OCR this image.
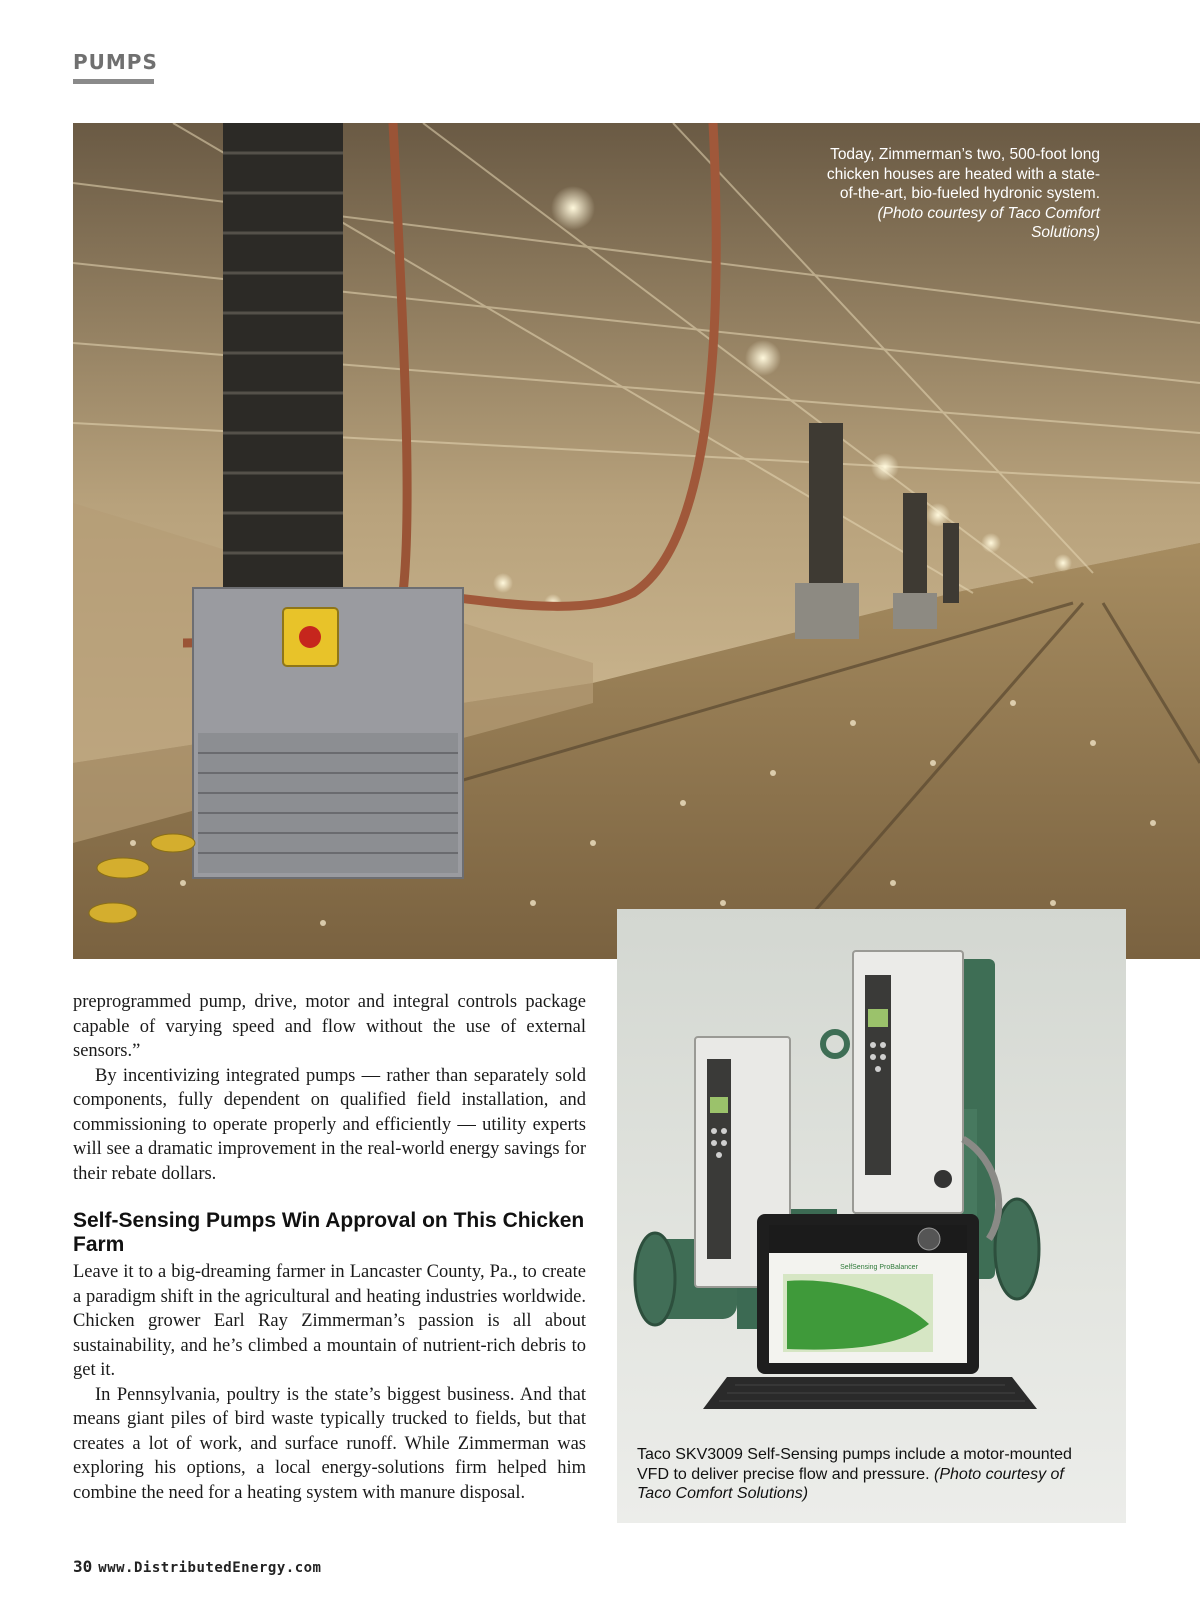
PUMPS
Today, Zimmerman’s two, 500-foot long chicken houses are heated with a state-of-the-art, bio-fueled hydronic system. (Photo courtesy of Taco Comfort Solutions)
SelfSensing ProBalancer
Taco SKV3009 Self-Sensing pumps include a motor-mounted VFD to deliver precise flow and pressure. (Photo courtesy of Taco Comfort Solutions)

preprogrammed pump, drive, motor and integral controls package capable of varying speed and flow without the use of external sensors.”

By incentivizing integrated pumps — rather than separately sold components, fully dependent on qualified field installation, and commissioning to operate properly and efficiently — utility experts will see a dramatic improvement in the real-world energy savings for their rebate dollars.

Self-Sensing Pumps Win Approval on This Chicken Farm

Leave it to a big-dreaming farmer in Lancaster County, Pa., to create a paradigm shift in the agricultural and heating industries worldwide. Chicken grower Earl Ray Zimmerman’s passion is all about sustainability, and he’s climbed a mountain of nutrient-rich debris to get it.

In Pennsylvania, poultry is the state’s biggest business. And that means giant piles of bird waste typically trucked to fields, but that creates a lot of work, and surface runoff. While Zimmerman was exploring his options, a local energy-solutions firm helped him combine the need for a heating system with manure disposal.

30 www.DistributedEnergy.com
